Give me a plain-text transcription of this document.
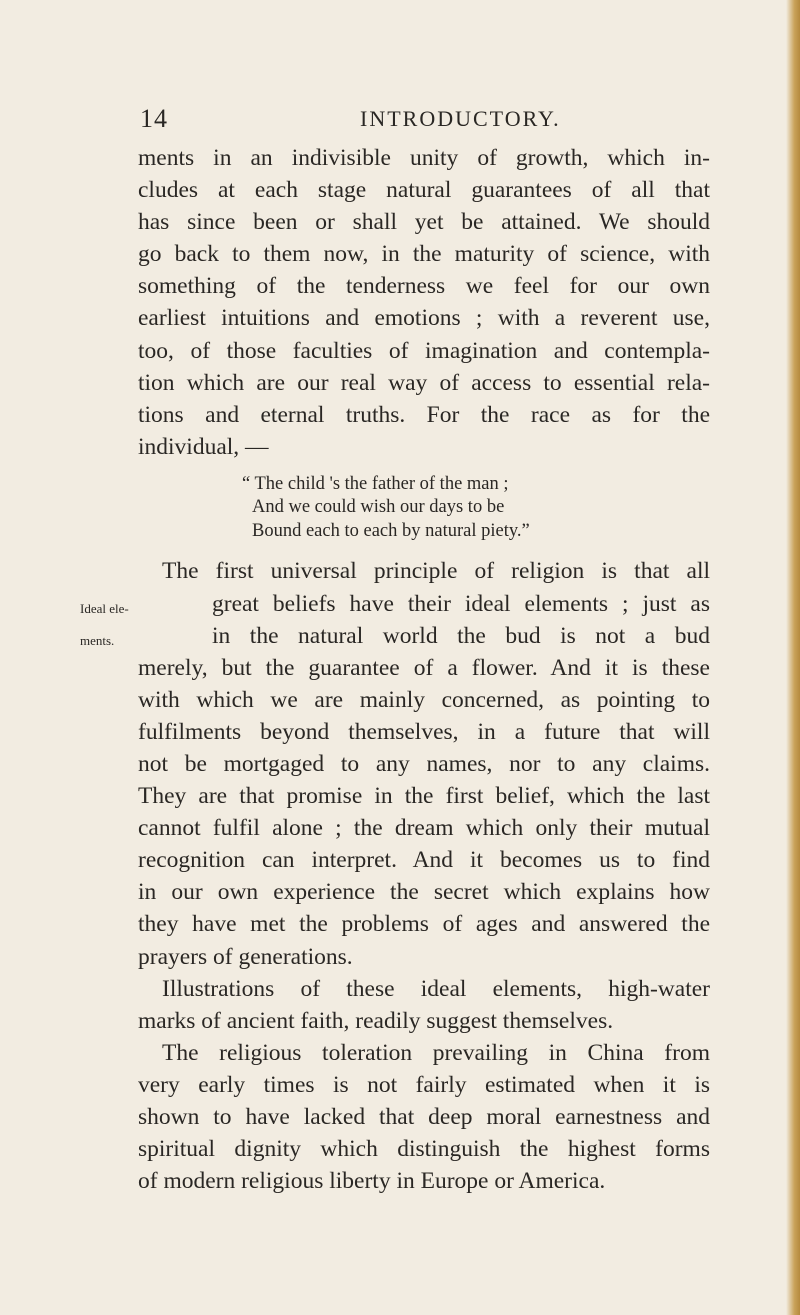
14	INTRODUCTORY.
ments in an indivisible unity of growth, which in-
cludes at each stage natural guarantees of all that
has since been or shall yet be attained. We should
go back to them now, in the maturity of science, with
something of the tenderness we feel for our own
earliest intuitions and emotions ; with a reverent use,
too, of those faculties of imagination and contempla-
tion which are our real way of access to essential rela-
tions and eternal truths. For the race as for the
individual, —
“ The child 's the father of the man ;
And we could wish our days to be
Bound each to each by natural piety.”
Ideal ele-
ments.
The first universal principle of religion is that all
great beliefs have their ideal elements ; just as
in the natural world the bud is not a bud
merely, but the guarantee of a flower. And it is these
with which we are mainly concerned, as pointing to
fulfilments beyond themselves, in a future that will
not be mortgaged to any names, nor to any claims.
They are that promise in the first belief, which the last
cannot fulfil alone ; the dream which only their mutual
recognition can interpret. And it becomes us to find
in our own experience the secret which explains how
they have met the problems of ages and answered the
prayers of generations.
Illustrations of these ideal elements, high-water
marks of ancient faith, readily suggest themselves.
The religious toleration prevailing in China from
very early times is not fairly estimated when it is
shown to have lacked that deep moral earnestness and
spiritual dignity which distinguish the highest forms
of modern religious liberty in Europe or America.
